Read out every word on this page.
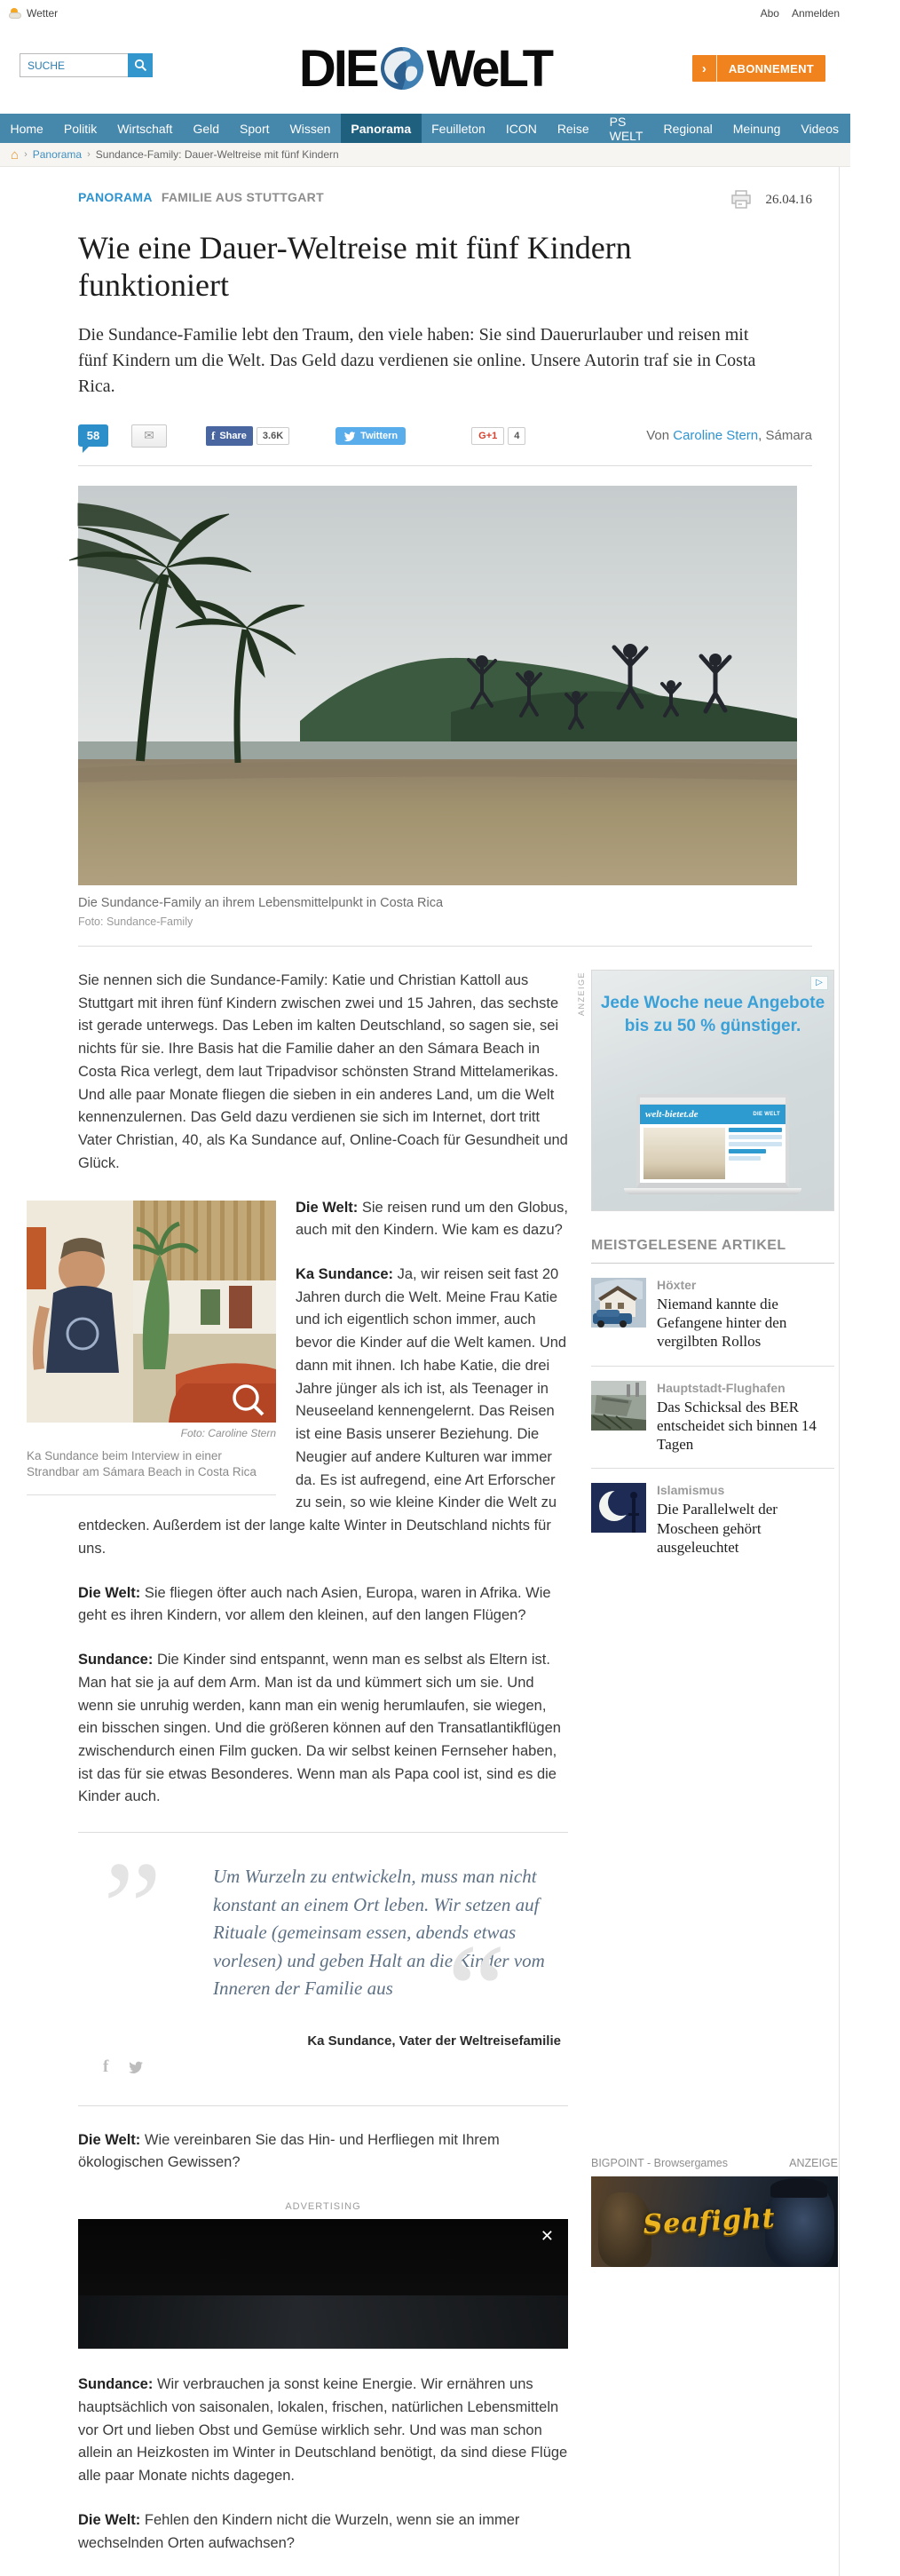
Wetter	Abo Anmelden
SUCHE
DIE WeLT	›	ABONNEMENT
Home	Politik	Wirtschaft	Geld	Sport	Wissen	Panorama	Feuilleton	ICON	Reise	PS WELT	Regional	Meinung	Videos	Markt
⌂ › Panorama › Sundance-Family: Dauer-Weltreise mit fünf Kindern
PANORAMA FAMILIE AUS STUTTGART	26.04.16
Wie eine Dauer-Weltreise mit fünf Kindern funktioniert

Die Sundance-Familie lebt den Traum, den viele haben: Sie sind Dauerurlauber und reisen mit fünf Kindern um die Welt. Das Geld dazu verdienen sie online. Unsere Autorin traf sie in Costa Rica.

58	✉	f Share	3.6K	Twittern	G+1	4	Von Caroline Stern, Sámara
Die Sundance-Family an ihrem Lebensmittelpunkt in Costa Rica
Foto: Sundance-Family

Sie nennen sich die Sundance-Family: Katie und Christian Kattoll aus Stuttgart mit ihren fünf Kindern zwischen zwei und 15 Jahren, das sechste ist gerade unterwegs. Das Leben im kalten Deutschland, so sagen sie, sei nichts für sie. Ihre Basis hat die Familie daher an den Sámara Beach in Costa Rica verlegt, dem laut Tripadvisor schönsten Strand Mittelamerikas. Und alle paar Monate fliegen die sieben in ein anderes Land, um die Welt kennenzulernen. Das Geld dazu verdienen sie sich im Internet, dort tritt Vater Christian, 40, als Ka Sundance auf, Online-Coach für Gesundheit und Glück.

Foto: Caroline Stern
Ka Sundance beim Interview in einer Strandbar am Sámara Beach in Costa Rica

Die Welt: Sie reisen rund um den Globus, auch mit den Kindern. Wie kam es dazu?

Ka Sundance: Ja, wir reisen seit fast 20 Jahren durch die Welt. Meine Frau Katie und ich eigentlich schon immer, auch bevor die Kinder auf die Welt kamen. Und dann mit ihnen. Ich habe Katie, die drei Jahre jünger als ich ist, als Teenager in Neuseeland kennengelernt. Das Reisen ist eine Basis unserer Beziehung. Die Neugier auf andere Kulturen war immer da. Es ist aufregend, eine Art Erforscher zu sein, so wie kleine Kinder die Welt zu entdecken. Außerdem ist der lange kalte Winter in Deutschland nichts für uns.

Die Welt: Sie fliegen öfter auch nach Asien, Europa, waren in Afrika. Wie geht es ihren Kindern, vor allem den kleinen, auf den langen Flügen?

Sundance: Die Kinder sind entspannt, wenn man es selbst als Eltern ist. Man hat sie ja auf dem Arm. Man ist da und kümmert sich um sie. Und wenn sie unruhig werden, kann man ein wenig herumlaufen, sie wiegen, ein bisschen singen. Und die größeren können auf den Transatlantikflügen zwischendurch einen Film gucken. Da wir selbst keinen Fernseher haben, ist das für sie etwas Besonderes. Wenn man als Papa cool ist, sind es die Kinder auch.

”	Um Wurzeln zu entwickeln, muss man nicht konstant an einem Ort leben. Wir setzen auf Rituale (gemeinsam essen, abends etwas vorlesen) und geben Halt an die Kinder vom Inneren der Familie aus “
Ka Sundance, Vater der Weltreisefamilie
f

Die Welt: Wie vereinbaren Sie das Hin- und Herfliegen mit Ihrem ökologischen Gewissen?

ADVERTISING
✕

Sundance: Wir verbrauchen ja sonst keine Energie. Wir ernähren uns hauptsächlich von saisonalen, lokalen, frischen, natürlichen Lebensmitteln vor Ort und lieben Obst und Gemüse wirklich sehr. Und was man schon allein an Heizkosten im Winter in Deutschland benötigt, da sind diese Flüge alle paar Monate nichts dagegen.

Die Welt: Fehlen den Kindern nicht die Wurzeln, wenn sie an immer wechselnden Orten aufwachsen?

ANZEIGE	▷
Jede Woche neue Angebote
bis zu 50 % günstiger.
welt-bietet.de	DIE WELT
MEISTGELESENE ARTIKEL
Höxter
Niemand kannte die Gefangene hinter den vergilbten Rollos
Hauptstadt-Flughafen
Das Schicksal des BER entscheidet sich binnen 14 Tagen
Islamismus
Die Parallelwelt der Moscheen gehört ausgeleuchtet
BIGPOINT - Browsergames	ANZEIGE
Seafight
